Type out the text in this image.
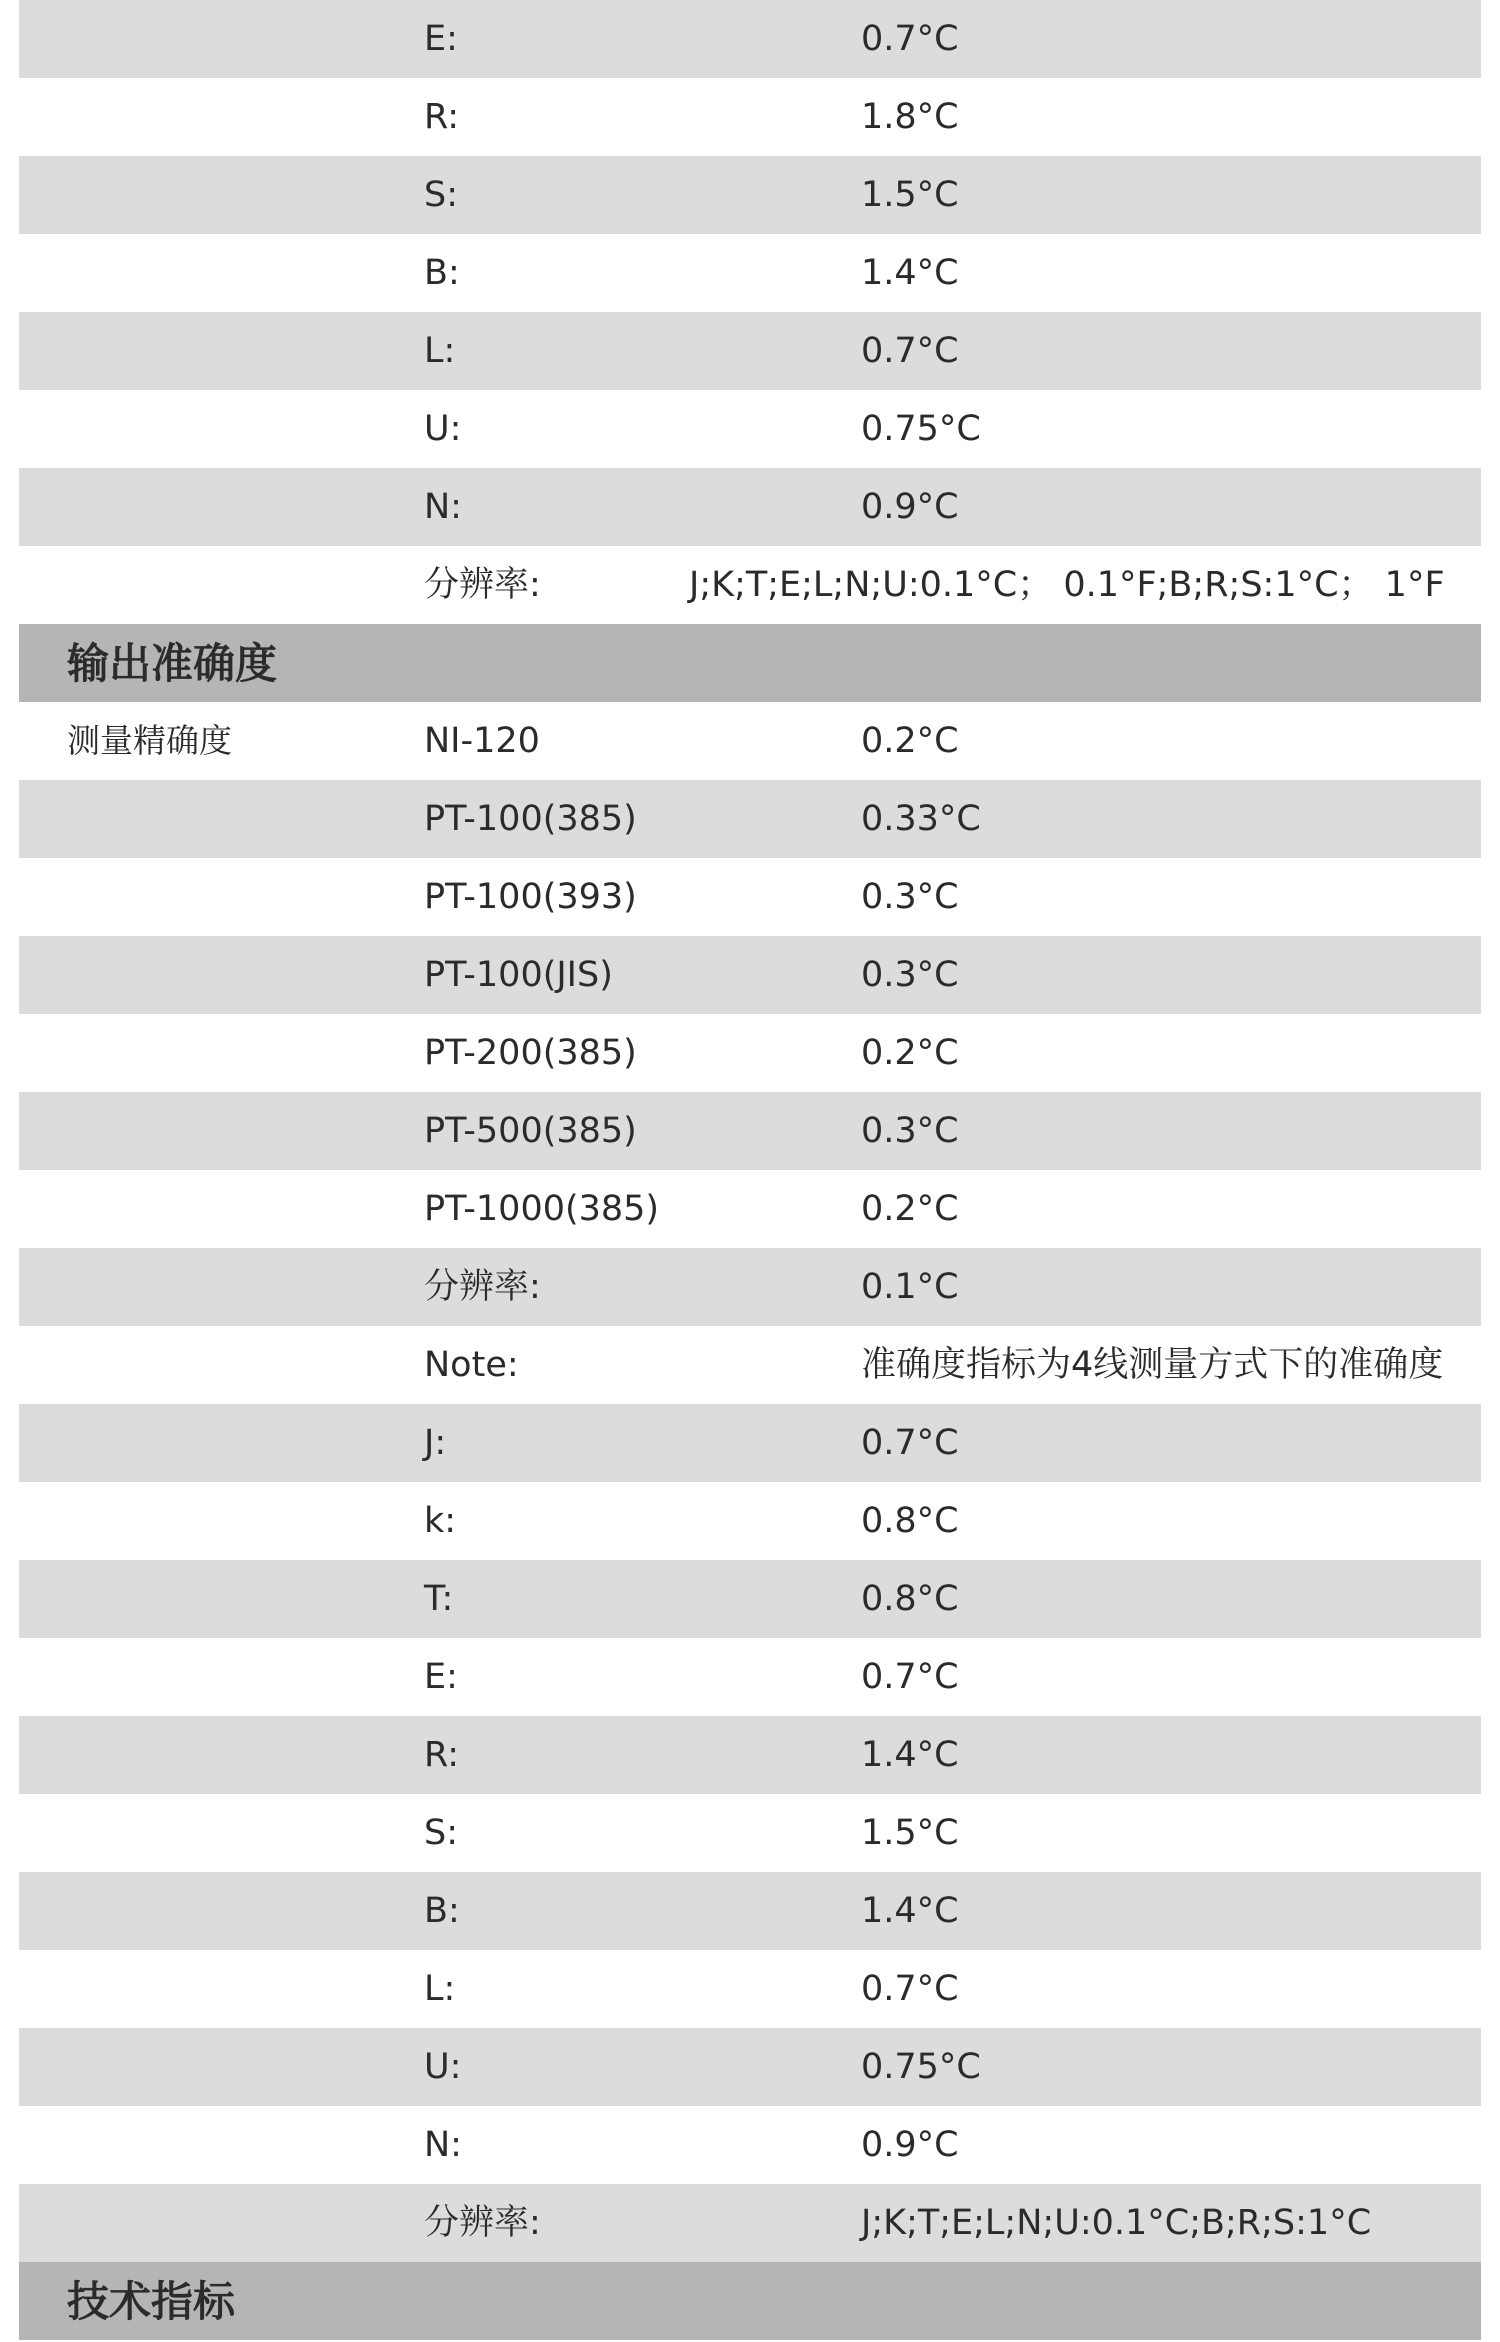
E:	0.7°C
R:	1.8°C
S:	1.5°C
B:	1.4°C
L:	0.7°C
U:	0.75°C
N:	0.9°C
分辨率:	J;K;T;E;L;N;U:0.1°C； 0.1°F;B;R;S:1°C； 1°F
输出准确度
测量精确度	NI-120	0.2°C
PT-100(385)	0.33°C
PT-100(393)	0.3°C
PT-100(JIS)	0.3°C
PT-200(385)	0.2°C
PT-500(385)	0.3°C
PT-1000(385)	0.2°C
分辨率:	0.1°C
Note:	准确度指标为4线测量方式下的准确度
J:	0.7°C
k:	0.8°C
T:	0.8°C
E:	0.7°C
R:	1.4°C
S:	1.5°C
B:	1.4°C
L:	0.7°C
U:	0.75°C
N:	0.9°C
分辨率:	J;K;T;E;L;N;U:0.1°C;B;R;S:1°C
技术指标
